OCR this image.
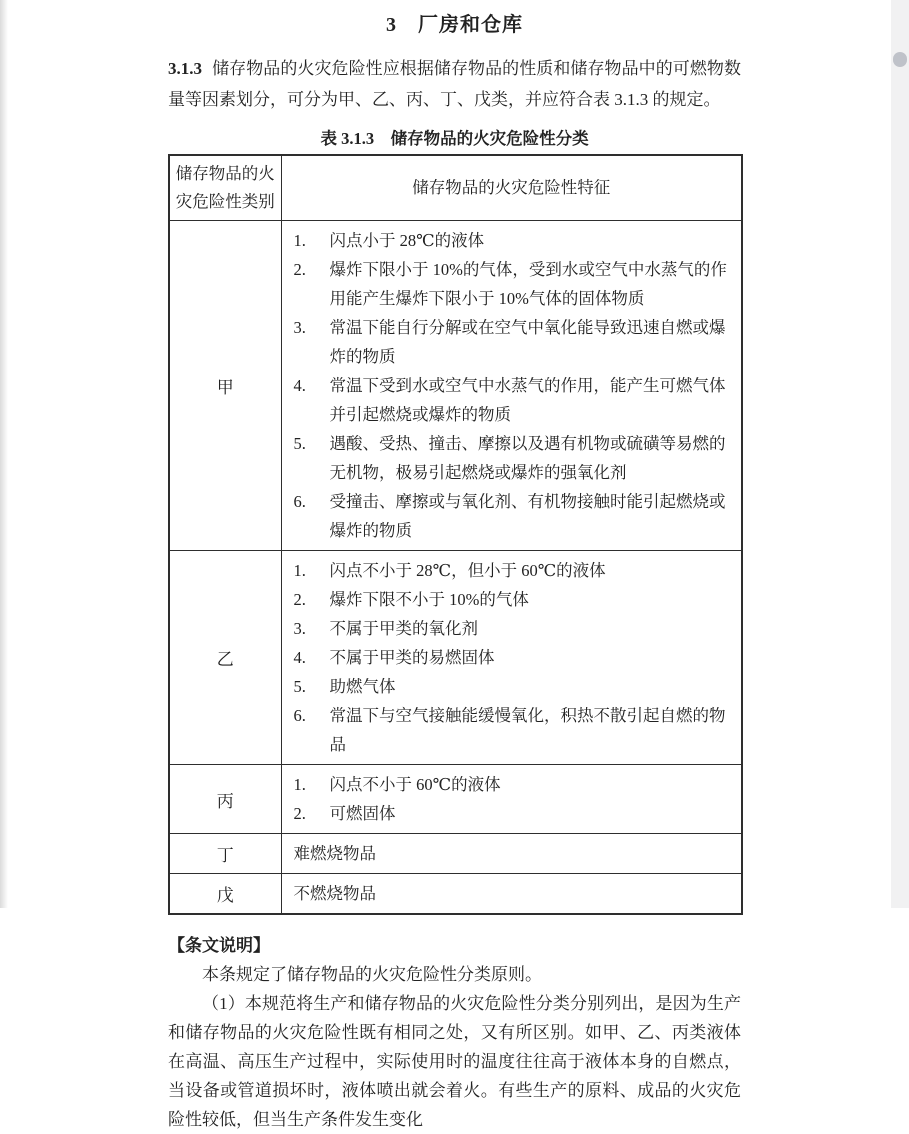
3　厂房和仓库

3.1.3 储存物品的火灾危险性应根据储存物品的性质和储存物品中的可燃物数量等因素划分，可分为甲、乙、丙、丁、戊类，并应符合表 3.1.3 的规定。

表 3.1.3　储存物品的火灾危险性分类
储存物品的火
灾危险性类别	储存物品的火灾危险性特征
甲	
1.	闪点小于 28℃的液体
2.	爆炸下限小于 10%的气体，受到水或空气中水蒸气的作用能产生爆炸下限小于 10%气体的固体物质
3.	常温下能自行分解或在空气中氧化能导致迅速自燃或爆炸的物质
4.	常温下受到水或空气中水蒸气的作用，能产生可燃气体并引起燃烧或爆炸的物质
5.	遇酸、受热、撞击、摩擦以及遇有机物或硫磺等易燃的无机物，极易引起燃烧或爆炸的强氧化剂
6.	受撞击、摩擦或与氧化剂、有机物接触时能引起燃烧或爆炸的物质

乙	
1.	闪点不小于 28℃，但小于 60℃的液体
2.	爆炸下限不小于 10%的气体
3.	不属于甲类的氧化剂
4.	不属于甲类的易燃固体
5.	助燃气体
6.	常温下与空气接触能缓慢氧化，积热不散引起自燃的物品

丙	1. 闪点不小于 60℃的液体
2. 可燃固体

丁	难燃烧物品

戊	不燃烧物品
【条文说明】

本条规定了储存物品的火灾危险性分类原则。

（1）本规范将生产和储存物品的火灾危险性分类分别列出，是因为生产和储存物品的火灾危险性既有相同之处，又有所区别。如甲、乙、丙类液体在高温、高压生产过程中，实际使用时的温度往往高于液体本身的自燃点，当设备或管道损坏时，液体喷出就会着火。有些生产的原料、成品的火灾危险性较低，但当生产条件发生变化
